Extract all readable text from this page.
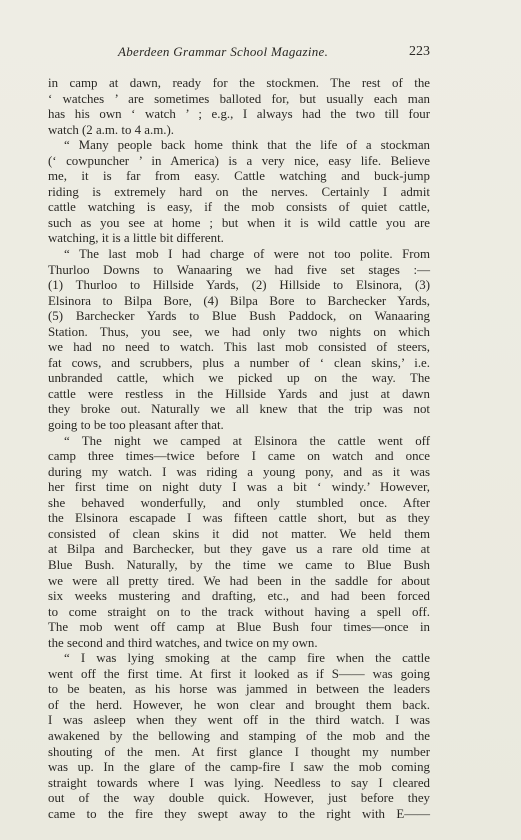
Aberdeen Grammar School Magazine.	223
in camp at dawn, ready for the stockmen. The rest of the
‘ watches ’ are sometimes balloted for, but usually each man
has his own ‘ watch ’ ; e.g., I always had the two till four
watch (2 a.m. to 4 a.m.).
“ Many people back home think that the life of a stockman
(‘ cowpuncher ’ in America) is a very nice, easy life. Believe
me, it is far from easy. Cattle watching and buck-jump
riding is extremely hard on the nerves. Certainly I admit
cattle watching is easy, if the mob consists of quiet cattle,
such as you see at home ; but when it is wild cattle you are
watching, it is a little bit different.
“ The last mob I had charge of were not too polite. From
Thurloo Downs to Wanaaring we had five set stages :—
(1) Thurloo to Hillside Yards, (2) Hillside to Elsinora, (3)
Elsinora to Bilpa Bore, (4) Bilpa Bore to Barchecker Yards,
(5) Barchecker Yards to Blue Bush Paddock, on Wanaaring
Station. Thus, you see, we had only two nights on which
we had no need to watch. This last mob consisted of steers,
fat cows, and scrubbers, plus a number of ‘ clean skins,’ i.e.
unbranded cattle, which we picked up on the way. The
cattle were restless in the Hillside Yards and just at dawn
they broke out. Naturally we all knew that the trip was not
going to be too pleasant after that.
“ The night we camped at Elsinora the cattle went off
camp three times—twice before I came on watch and once
during my watch. I was riding a young pony, and as it was
her first time on night duty I was a bit ‘ windy.’ However,
she behaved wonderfully, and only stumbled once. After
the Elsinora escapade I was fifteen cattle short, but as they
consisted of clean skins it did not matter. We held them
at Bilpa and Barchecker, but they gave us a rare old time at
Blue Bush. Naturally, by the time we came to Blue Bush
we were all pretty tired. We had been in the saddle for about
six weeks mustering and drafting, etc., and had been forced
to come straight on to the track without having a spell off.
The mob went off camp at Blue Bush four times—once in
the second and third watches, and twice on my own.
“ I was lying smoking at the camp fire when the cattle
went off the first time. At first it looked as if S—— was going
to be beaten, as his horse was jammed in between the leaders
of the herd. However, he won clear and brought them back.
I was asleep when they went off in the third watch. I was
awakened by the bellowing and stamping of the mob and the
shouting of the men. At first glance I thought my number
was up. In the glare of the camp-fire I saw the mob coming
straight towards where I was lying. Needless to say I cleared
out of the way double quick. However, just before they
came to the fire they swept away to the right with E——
